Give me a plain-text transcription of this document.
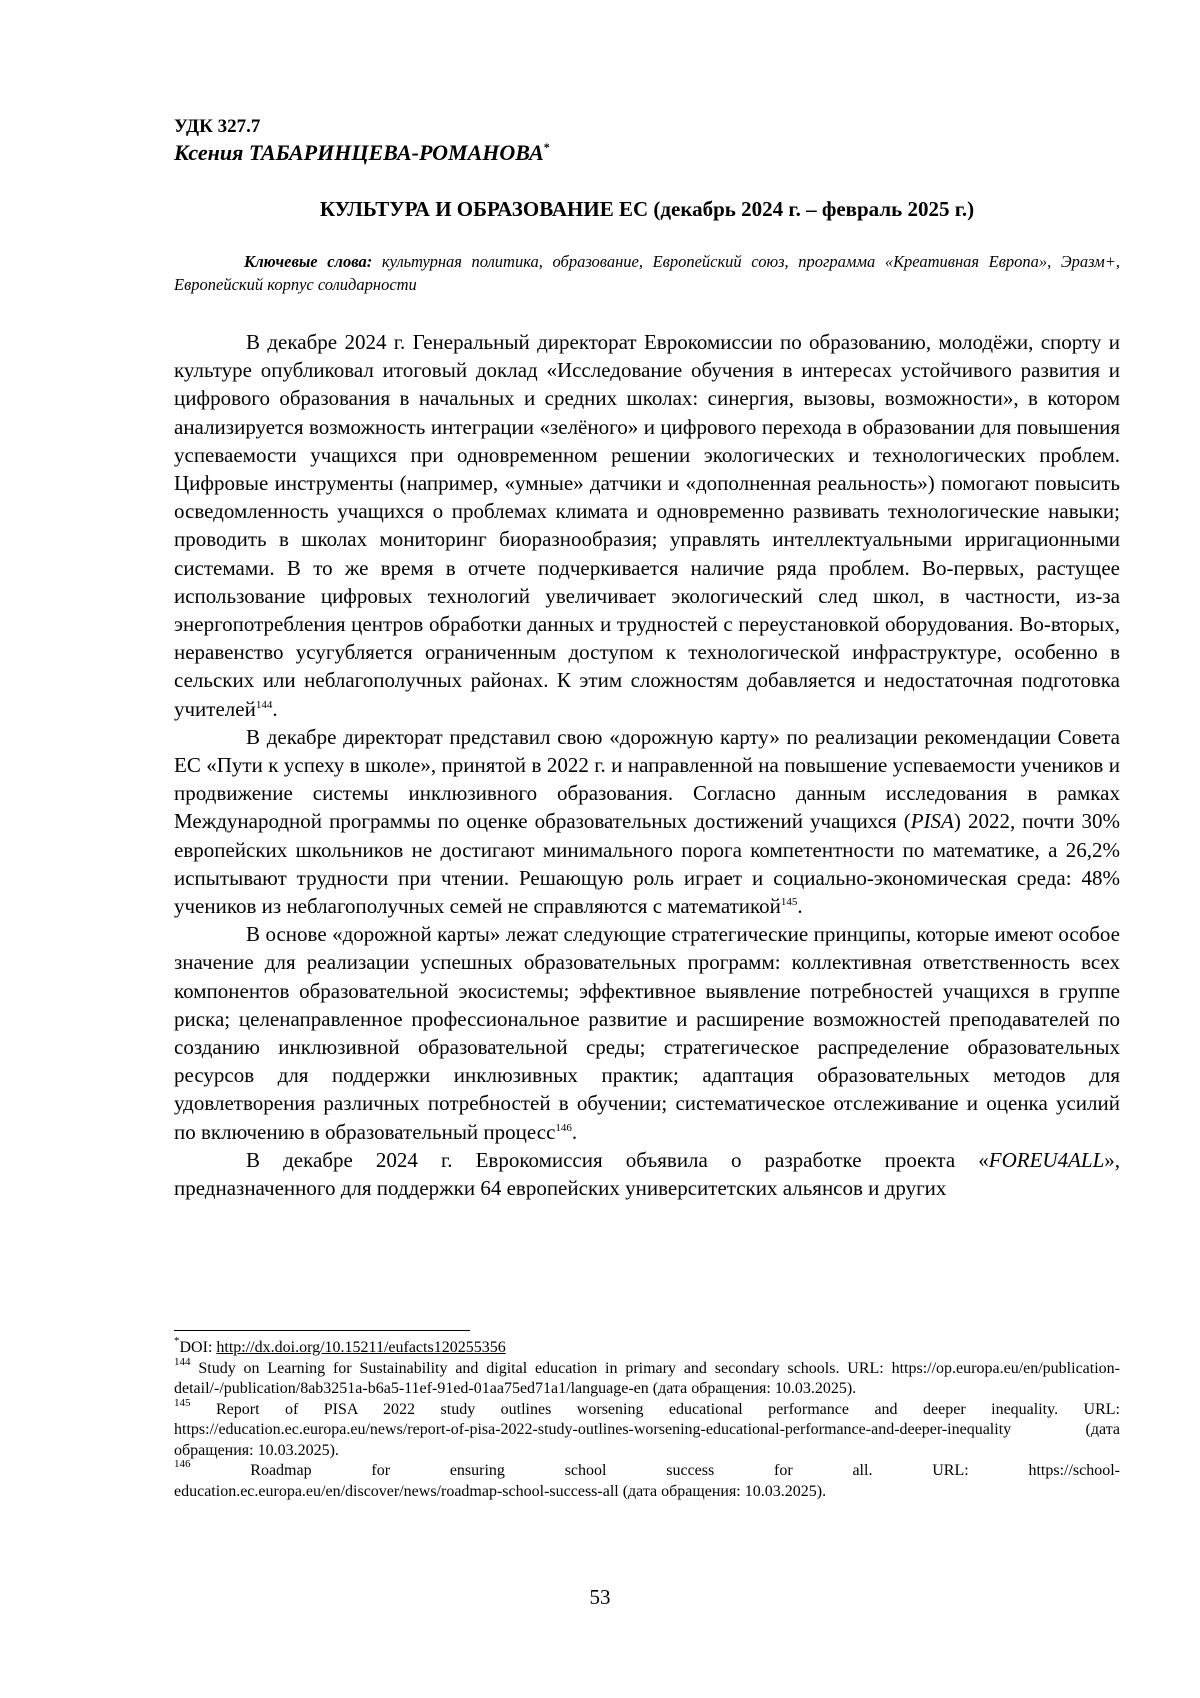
УДК 327.7
Ксения ТАБАРИНЦЕВА-РОМАНОВА*
КУЛЬТУРА И ОБРАЗОВАНИЕ ЕС (декабрь 2024 г. – февраль 2025 г.)
Ключевые слова: культурная политика, образование, Европейский союз, программа «Креативная Европа», Эразм+, Европейский корпус солидарности

В декабре 2024 г. Генеральный директорат Еврокомиссии по образованию, молодёжи, спорту и культуре опубликовал итоговый доклад «Исследование обучения в интересах устойчивого развития и цифрового образования в начальных и средних школах: синергия, вызовы, возможности», в котором анализируется возможность интеграции «зелёного» и цифрового перехода в образовании для повышения успеваемости учащихся при одновременном решении экологических и технологических проблем. Цифровые инструменты (например, «умные» датчики и «дополненная реальность») помогают повысить осведомленность учащихся о проблемах климата и одновременно развивать технологические навыки; проводить в школах мониторинг биоразнообразия; управлять интеллектуальными ирригационными системами. В то же время в отчете подчеркивается наличие ряда проблем. Во-первых, растущее использование цифровых технологий увеличивает экологический след школ, в частности, из-за энергопотребления центров обработки данных и трудностей с переустановкой оборудования. Во-вторых, неравенство усугубляется ограниченным доступом к технологической инфраструктуре, особенно в сельских или неблагополучных районах. К этим сложностям добавляется и недостаточная подготовка учителей$^{144}$.

В декабре директорат представил свою «дорожную карту» по реализации рекомендации Совета ЕС «Пути к успеху в школе», принятой в 2022 г. и направленной на повышение успеваемости учеников и продвижение системы инклюзивного образования. Согласно данным исследования в рамках Международной программы по оценке образовательных достижений учащихся (PISA) 2022, почти 30% европейских школьников не достигают минимального порога компетентности по математике, а 26,2% испытывают трудности при чтении. Решающую роль играет и социально-экономическая среда: 48% учеников из неблагополучных семей не справляются с математикой$^{145}$.

В основе «дорожной карты» лежат следующие стратегические принципы, которые имеют особое значение для реализации успешных образовательных программ: коллективная ответственность всех компонентов образовательной экосистемы; эффективное выявление потребностей учащихся в группе риска; целенаправленное профессиональное развитие и расширение возможностей преподавателей по созданию инклюзивной образовательной среды; стратегическое распределение образовательных ресурсов для поддержки инклюзивных практик; адаптация образовательных методов для удовлетворения различных потребностей в обучении; систематическое отслеживание и оценка усилий по включению в образовательный процесс$^{146}$.

В декабре 2024 г. Еврокомиссия объявила о разработке проекта «FOREU4ALL», предназначенного для поддержки 64 европейских университетских альянсов и других

*DOI: http://dx.doi.org/10.15211/eufacts120255356

$^{144}$ Study on Learning for Sustainability and digital education in primary and secondary schools. URL: https://op.europa.eu/en/publication-detail/-/publication/8ab3251a-b6a5-11ef-91ed-01aa75ed71a1/language-en (дата обращения: 10.03.2025).

$^{145}$ Report of PISA 2022 study outlines worsening educational performance and deeper inequality. URL: https://education.ec.europa.eu/news/report-of-pisa-2022-study-outlines-worsening-educational-performance-and-deeper-inequality (дата обращения: 10.03.2025).

$^{146}$ Roadmap for ensuring school success for all. URL: https://school-

education.ec.europa.eu/en/discover/news/roadmap-school-success-all (дата обращения: 10.03.2025).

53
